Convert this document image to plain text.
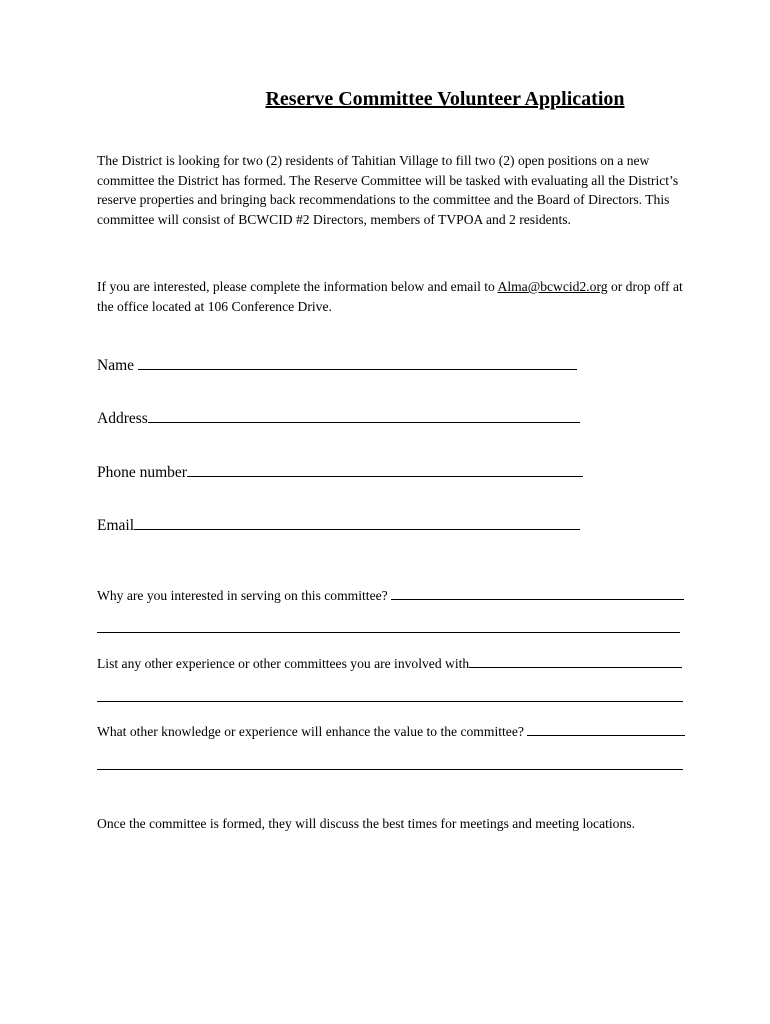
Reserve Committee Volunteer Application
The District is looking for two (2) residents of Tahitian Village to fill two (2) open positions on a new committee the District has formed. The Reserve Committee will be tasked with evaluating all the District’s reserve properties and bringing back recommendations to the committee and the Board of Directors. This committee will consist of BCWCID #2 Directors, members of TVPOA and 2 residents.
If you are interested, please complete the information below and email to Alma@bcwcid2.org or drop off at the office located at 106 Conference Drive.
Name
Address
Phone number
Email
Why are you interested in serving on this committee?
List any other experience or other committees you are involved with
What other knowledge or experience will enhance the value to the committee?
Once the committee is formed, they will discuss the best times for meetings and meeting locations.
